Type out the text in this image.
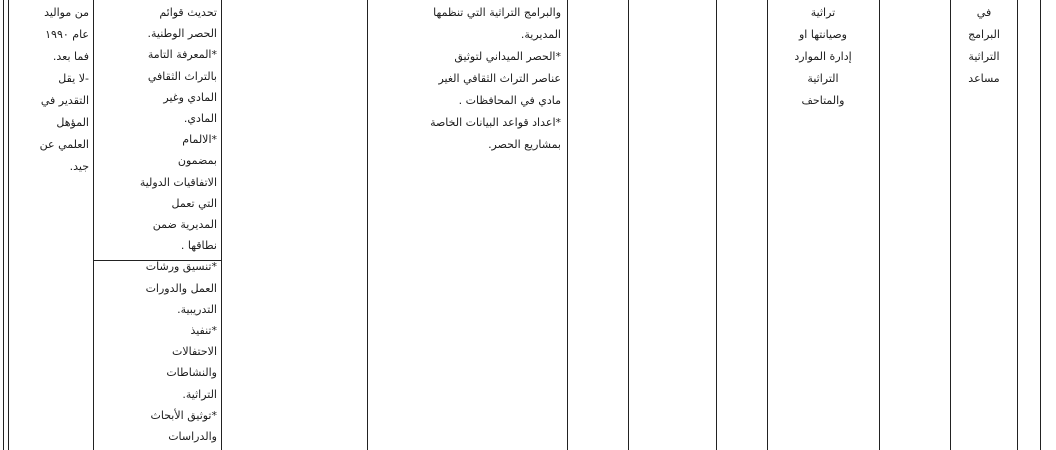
من مواليد

عام ١٩٩٠

فما بعد.

-لا يقل

التقدير في

المؤهل

العلمي عن

جيد.

تحديث قوائم

الحصر الوطنية.

*المعرفة التامة

بالتراث الثقافي

المادي وغير

المادي.

*الالمام

بمضمون

الاتفاقيات الدولية

التي تعمل

المديرية ضمن

نطاقها .

*تنسيق ورشات

العمل والدورات

التدريبية.

*تنفيذ

الاحتفالات

والنشاطات

التراثية.

*توثيق الأبحاث

والدراسات

والبرامج التراثية التي تنظمها

المديرية.

*الحصر الميداني لتوثيق

عناصر التراث الثقافي الغير

مادي في المحافظات .

*اعداد قواعد البيانات الخاصة

بمشاريع الحصر.

تراثية

وصيانتها او

إدارة الموارد

التراثية

والمتاحف

في

البرامج

التراثية

مساعد
